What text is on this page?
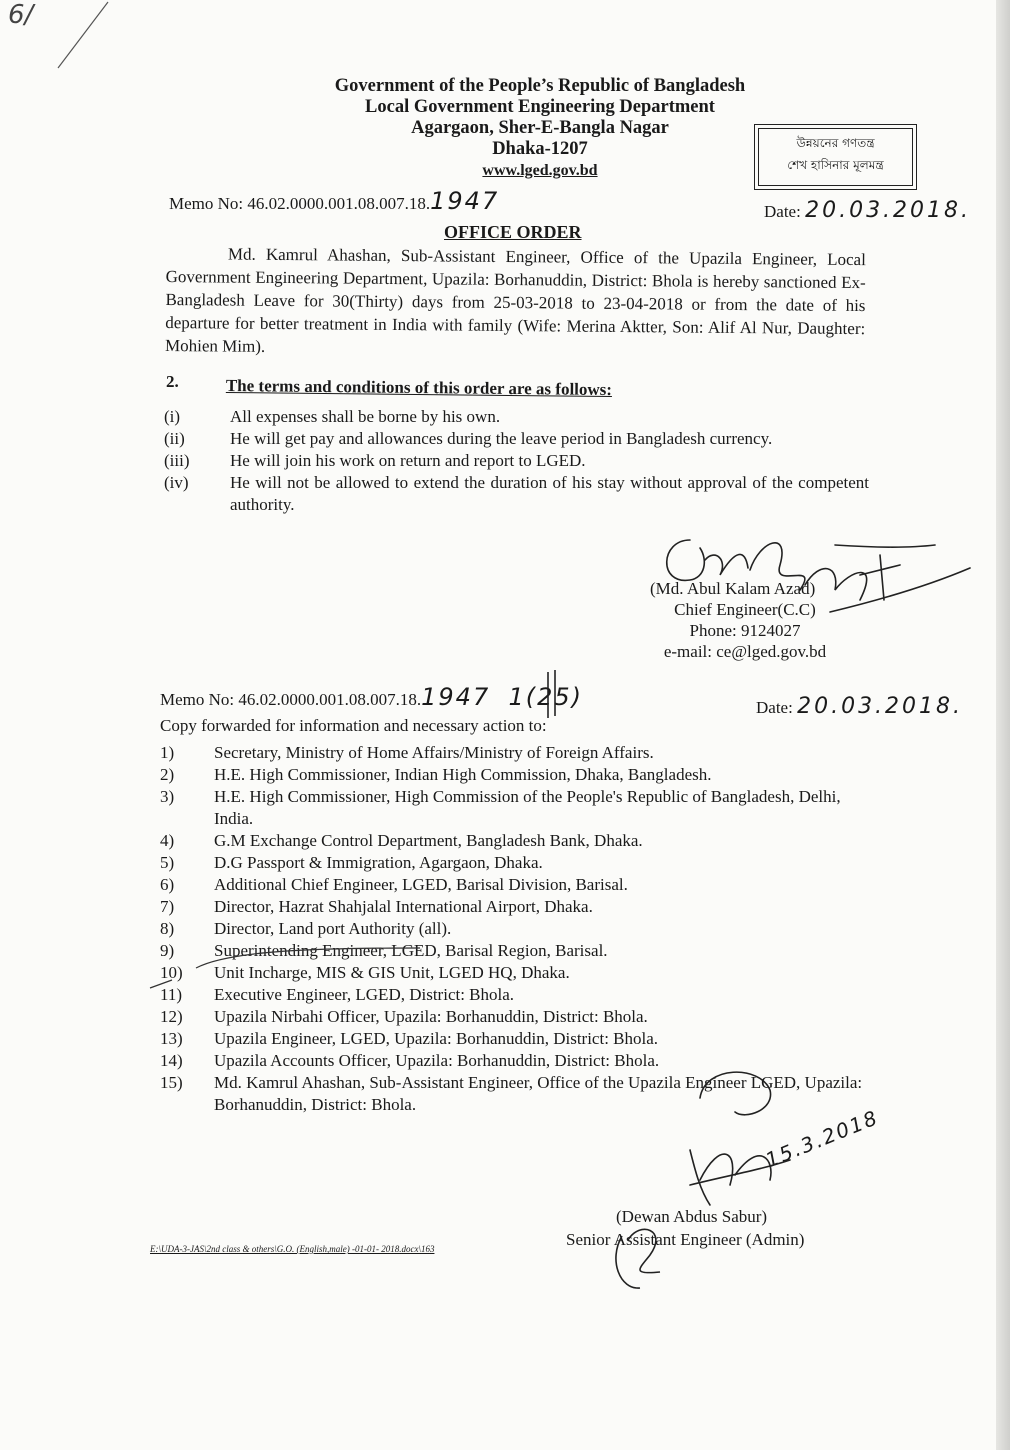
6/
Government of the People’s Republic of Bangladesh
Local Government Engineering Department
Agargaon, Sher-E-Bangla Nagar
Dhaka-1207
www.lged.gov.bd
উন্নয়নের গণতন্ত্র
শেখ হাসিনার মূলমন্ত্র
Memo No: 46.02.0000.001.08.007.18.1947	Date: 20.03.2018.
OFFICE ORDER
Md. Kamrul Ahashan, Sub-Assistant Engineer, Office of the Upazila Engineer, Local Government Engineering Department, Upazila: Borhanuddin, District: Bhola is hereby sanctioned Ex-Bangladesh Leave for 30(Thirty) days from 25-03-2018 to 23-04-2018 or from the date of his departure for better treatment in India with family (Wife: Merina Aktter, Son: Alif Al Nur, Daughter: Mohien Mim).
2.	The terms and conditions of this order are as follows:
(i)	All expenses shall be borne by his own.
(ii)	He will get pay and allowances during the leave period in Bangladesh currency.
(iii)	He will join his work on return and report to LGED.
(iv)	He will not be allowed to extend the duration of his stay without approval of the competent authority.
(Md. Abul Kalam Azad)

Chief Engineer(C.C)
Phone: 9124027
e-mail: ce@lged.gov.bd
Memo No: 46.02.0000.001.08.007.18.1947 1(25)	Date: 20.03.2018.
Copy forwarded for information and necessary action to:
1)	Secretary, Ministry of Home Affairs/Ministry of Foreign Affairs.
2)	H.E. High Commissioner, Indian High Commission, Dhaka, Bangladesh.
3)	H.E. High Commissioner, High Commission of the People's Republic of Bangladesh, Delhi, India.
4)	G.M Exchange Control Department, Bangladesh Bank, Dhaka.
5)	D.G Passport & Immigration, Agargaon, Dhaka.
6)	Additional Chief Engineer, LGED, Barisal Division, Barisal.
7)	Director, Hazrat Shahjalal International Airport, Dhaka.
8)	Director, Land port Authority (all).
9)	Superintending Engineer, LGED, Barisal Region, Barisal.
10)	Unit Incharge, MIS & GIS Unit, LGED HQ, Dhaka.
11)	Executive Engineer, LGED, District: Bhola.
12)	Upazila Nirbahi Officer, Upazila: Borhanuddin, District: Bhola.
13)	Upazila Engineer, LGED, Upazila: Borhanuddin, District: Bhola.
14)	Upazila Accounts Officer, Upazila: Borhanuddin, District: Bhola.
15)	Md. Kamrul Ahashan, Sub-Assistant Engineer, Office of the Upazila Engineer LGED, Upazila: Borhanuddin, District: Bhola.
15.3.2018
(Dewan Abdus Sabur)
Senior Assistant Engineer (Admin)
E:\UDA-3-JAS\2nd class & others\G.O. (English,male) -01-01- 2018.docx\163
